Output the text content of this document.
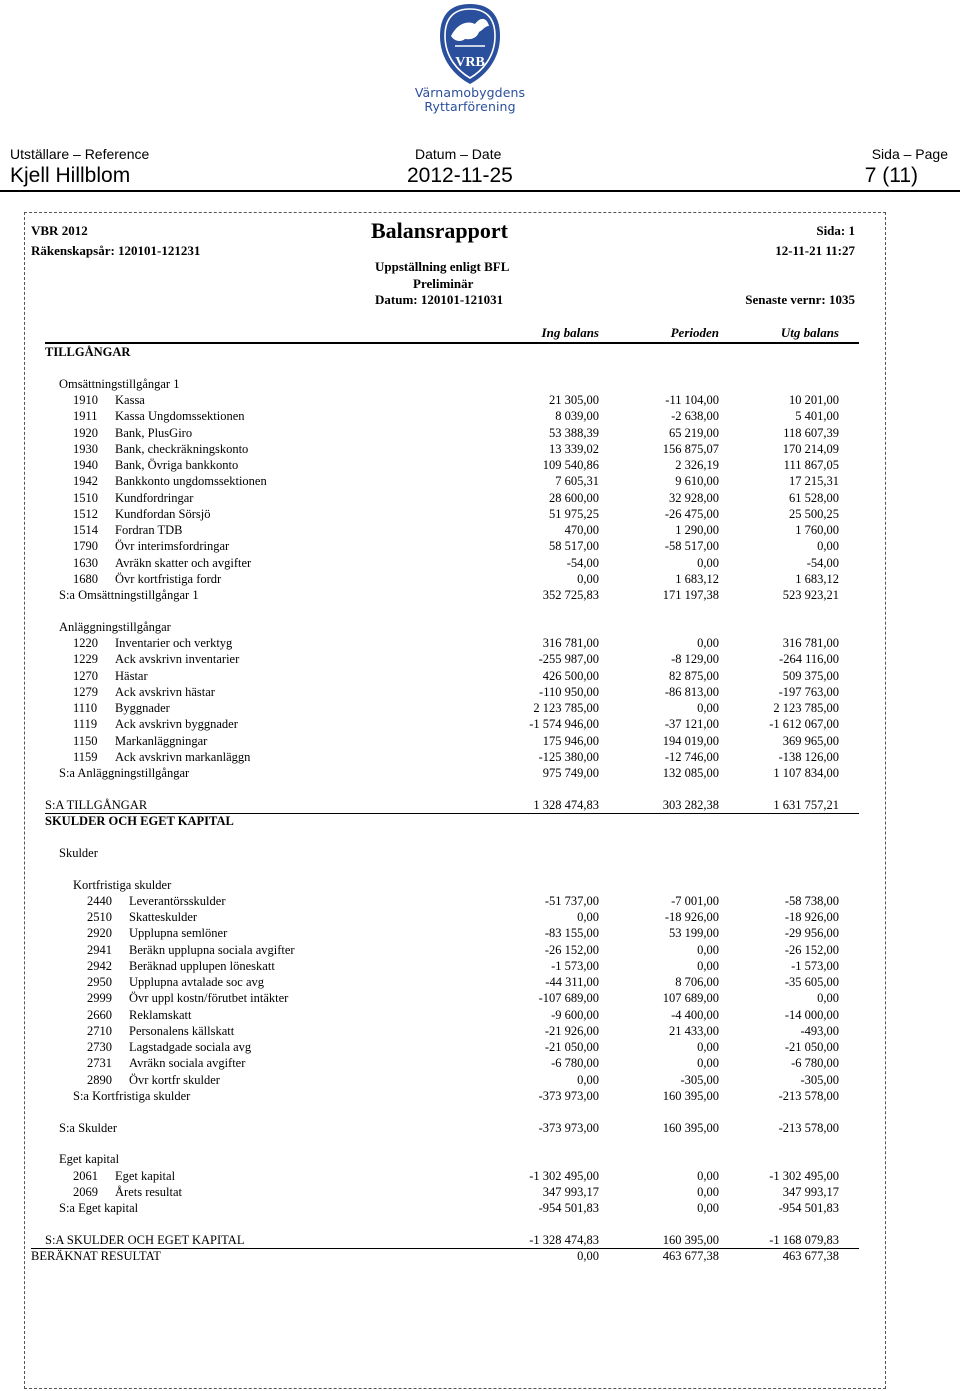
VRB
Värnamobygdens
Ryttarförening
Utställare – Reference
Kjell Hillblom
Datum – Date
2012-11-25
Sida – Page
7 (11)
VBR 2012
Räkenskapsår: 120101-121231
Balansrapport
Uppställning enligt BFL
Preliminär
Datum: 120101-121031
Sida: 1
12-11-21 11:27
Senaste vernr: 1035
Ing balans	Perioden	Utg balans
TILLGÅNGAR
Omsättningstillgångar 1
1910	Kassa	21 305,00	-11 104,00	10 201,00
1911	Kassa Ungdomssektionen	8 039,00	-2 638,00	5 401,00
1920	Bank, PlusGiro	53 388,39	65 219,00	118 607,39
1930	Bank, checkräkningskonto	13 339,02	156 875,07	170 214,09
1940	Bank, Övriga bankkonto	109 540,86	2 326,19	111 867,05
1942	Bankkonto ungdomssektionen	7 605,31	9 610,00	17 215,31
1510	Kundfordringar	28 600,00	32 928,00	61 528,00
1512	Kundfordan Sörsjö	51 975,25	-26 475,00	25 500,25
1514	Fordran TDB	470,00	1 290,00	1 760,00
1790	Övr interimsfordringar	58 517,00	-58 517,00	0,00
1630	Avräkn skatter och avgifter	-54,00	0,00	-54,00
1680	Övr kortfristiga fordr	0,00	1 683,12	1 683,12
S:a Omsättningstillgångar 1	352 725,83	171 197,38	523 923,21
Anläggningstillgångar
1220	Inventarier och verktyg	316 781,00	0,00	316 781,00
1229	Ack avskrivn inventarier	-255 987,00	-8 129,00	-264 116,00
1270	Hästar	426 500,00	82 875,00	509 375,00
1279	Ack avskrivn hästar	-110 950,00	-86 813,00	-197 763,00
1110	Byggnader	2 123 785,00	0,00	2 123 785,00
1119	Ack avskrivn byggnader	-1 574 946,00	-37 121,00	-1 612 067,00
1150	Markanläggningar	175 946,00	194 019,00	369 965,00
1159	Ack avskrivn markanläggn	-125 380,00	-12 746,00	-138 126,00
S:a Anläggningstillgångar	975 749,00	132 085,00	1 107 834,00
S:A TILLGÅNGAR	1 328 474,83	303 282,38	1 631 757,21
SKULDER OCH EGET KAPITAL
Skulder
Kortfristiga skulder
2440	Leverantörsskulder	-51 737,00	-7 001,00	-58 738,00
2510	Skatteskulder	0,00	-18 926,00	-18 926,00
2920	Upplupna semlöner	-83 155,00	53 199,00	-29 956,00
2941	Beräkn upplupna sociala avgifter	-26 152,00	0,00	-26 152,00
2942	Beräknad upplupen löneskatt	-1 573,00	0,00	-1 573,00
2950	Upplupna avtalade soc avg	-44 311,00	8 706,00	-35 605,00
2999	Övr uppl kostn/förutbet intäkter	-107 689,00	107 689,00	0,00
2660	Reklamskatt	-9 600,00	-4 400,00	-14 000,00
2710	Personalens källskatt	-21 926,00	21 433,00	-493,00
2730	Lagstadgade sociala avg	-21 050,00	0,00	-21 050,00
2731	Avräkn sociala avgifter	-6 780,00	0,00	-6 780,00
2890	Övr kortfr skulder	0,00	-305,00	-305,00
S:a Kortfristiga skulder	-373 973,00	160 395,00	-213 578,00
S:a Skulder	-373 973,00	160 395,00	-213 578,00
Eget kapital
2061	Eget kapital	-1 302 495,00	0,00	-1 302 495,00
2069	Årets resultat	347 993,17	0,00	347 993,17
S:a Eget kapital	-954 501,83	0,00	-954 501,83
S:A SKULDER OCH EGET KAPITAL	-1 328 474,83	160 395,00	-1 168 079,83
BERÄKNAT RESULTAT	0,00	463 677,38	463 677,38
